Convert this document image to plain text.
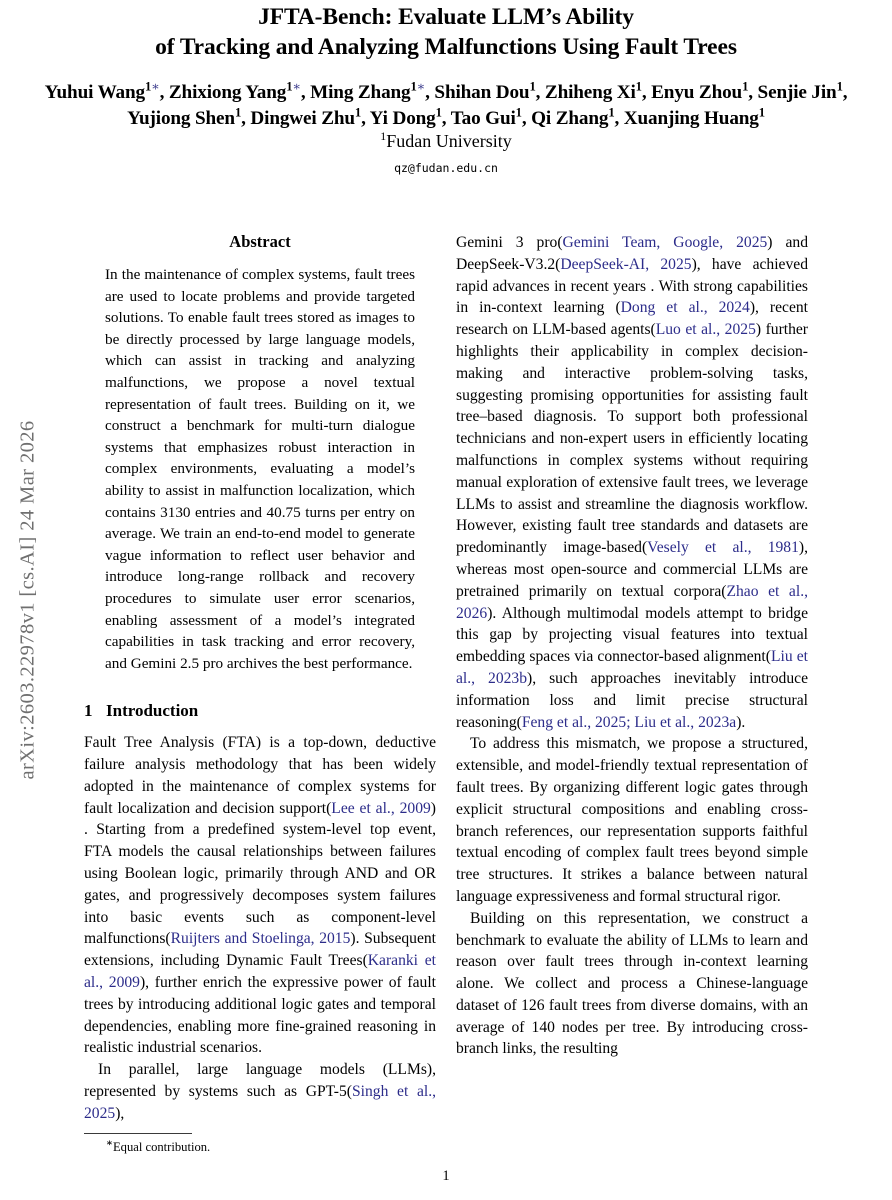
arXiv:2603.22978v1 [cs.AI] 24 Mar 2026
JFTA-Bench: Evaluate LLM’s Ability
of Tracking and Analyzing Malfunctions Using Fault Trees
Yuhui Wang$^{1∗}$, Zhixiong Yang$^{1∗}$, Ming Zhang$^{1∗}$, Shihan Dou$^1$, Zhiheng Xi$^1$, Enyu Zhou$^1$, Senjie Jin$^1$,
Yujiong Shen$^1$, Dingwei Zhu$^1$, Yi Dong$^1$, Tao Gui$^1$, Qi Zhang$^1$, Xuanjing Huang$^1$
$^1$Fudan University
qz@fudan.edu.cn
Abstract

In the maintenance of complex systems, fault trees are used to locate problems and provide targeted solutions. To enable fault trees stored as images to be directly processed by large language models, which can assist in tracking and analyzing malfunctions, we propose a novel textual representation of fault trees. Building on it, we construct a benchmark for multi-turn dialogue systems that emphasizes robust interaction in complex environments, evaluating a model’s ability to assist in malfunction localization, which contains 3130 entries and 40.75 turns per entry on average. We train an end-to-end model to generate vague information to reflect user behavior and introduce long-range rollback and recovery procedures to simulate user error scenarios, enabling assessment of a model’s integrated capabilities in task tracking and error recovery, and Gemini 2.5 pro archives the best performance.

1 Introduction

Fault Tree Analysis (FTA) is a top-down, deductive failure analysis methodology that has been widely adopted in the maintenance of complex systems for fault localization and decision support(Lee et al., 2009) . Starting from a predefined system-level top event, FTA models the causal relationships between failures using Boolean logic, primarily through AND and OR gates, and progressively decomposes system failures into basic events such as component-level malfunctions(Ruijters and Stoelinga, 2015). Subsequent extensions, including Dynamic Fault Trees(Karanki et al., 2009), further enrich the expressive power of fault trees by introducing additional logic gates and temporal dependencies, enabling more fine-grained reasoning in realistic industrial scenarios.

In parallel, large language models (LLMs), represented by systems such as GPT-5(Singh et al., 2025),

Gemini 3 pro(Gemini Team, Google, 2025) and DeepSeek-V3.2(DeepSeek-AI, 2025), have achieved rapid advances in recent years . With strong capabilities in in-context learning (Dong et al., 2024), recent research on LLM-based agents(Luo et al., 2025) further highlights their applicability in complex decision-making and interactive problem-solving tasks, suggesting promising opportunities for assisting fault tree–based diagnosis. To support both professional technicians and non-expert users in efficiently locating malfunctions in complex systems without requiring manual exploration of extensive fault trees, we leverage LLMs to assist and streamline the diagnosis workflow. However, existing fault tree standards and datasets are predominantly image-based(Vesely et al., 1981), whereas most open-source and commercial LLMs are pretrained primarily on textual corpora(Zhao et al., 2026). Although multimodal models attempt to bridge this gap by projecting visual features into textual embedding spaces via connector-based alignment(Liu et al., 2023b), such approaches inevitably introduce information loss and limit precise structural reasoning(Feng et al., 2025; Liu et al., 2023a).

To address this mismatch, we propose a structured, extensible, and model-friendly textual representation of fault trees. By organizing different logic gates through explicit structural compositions and enabling cross-branch references, our representation supports faithful textual encoding of complex fault trees beyond simple tree structures. It strikes a balance between natural language expressiveness and formal structural rigor.

Building on this representation, we construct a benchmark to evaluate the ability of LLMs to learn and reason over fault trees through in-context learning alone. We collect and process a Chinese-language dataset of 126 fault trees from diverse domains, with an average of 140 nodes per tree. By introducing cross-branch links, the resulting

∗Equal contribution.
1
